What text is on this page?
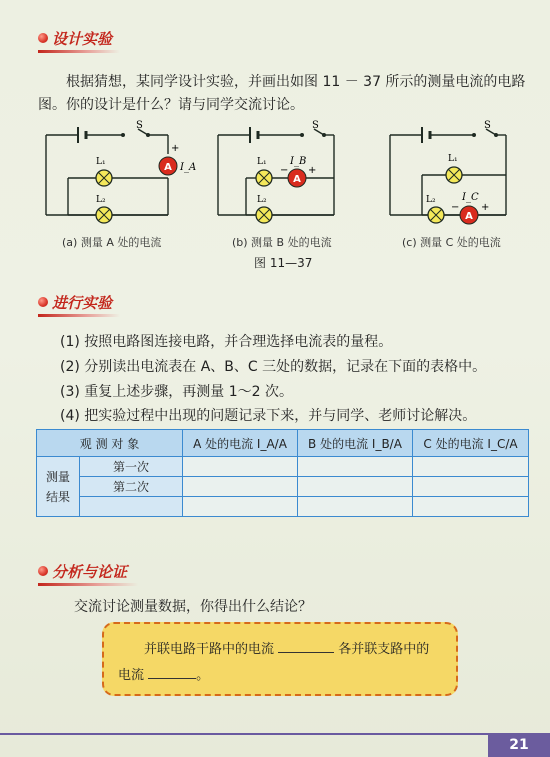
设计实验
根据猜想，某同学设计实验，并画出如图 11 － 37 所示的测量电流的电路
图。你的设计是什么？请与同学交流讨论。
A
S
+
I_A
L₁
L₂
A
S
− +
I_B
L₁
L₂
A
S
− +
I_C
L₁
L₂
(a) 测量 A 处的电流	(b) 测量 B 处的电流	(c) 测量 C 处的电流
图 11—37
进行实验
(1) 按照电路图连接电路，并合理选择电流表的量程。
(2) 分别读出电流表在 A、B、C 三处的数据，记录在下面的表格中。
(3) 重复上述步骤，再测量 1～2 次。
(4) 把实验过程中出现的问题记录下来，并与同学、老师讨论解决。
观 测 对 象		A 处的电流 I_A/A	B 处的电流 I_B/A	C 处的电流 I_C/A
测量结果	第一次			
	第二次			

分析与论证
交流讨论测量数据，你得出什么结论？
并联电路干路中的电流	各并联支路中的
电流	。
21
